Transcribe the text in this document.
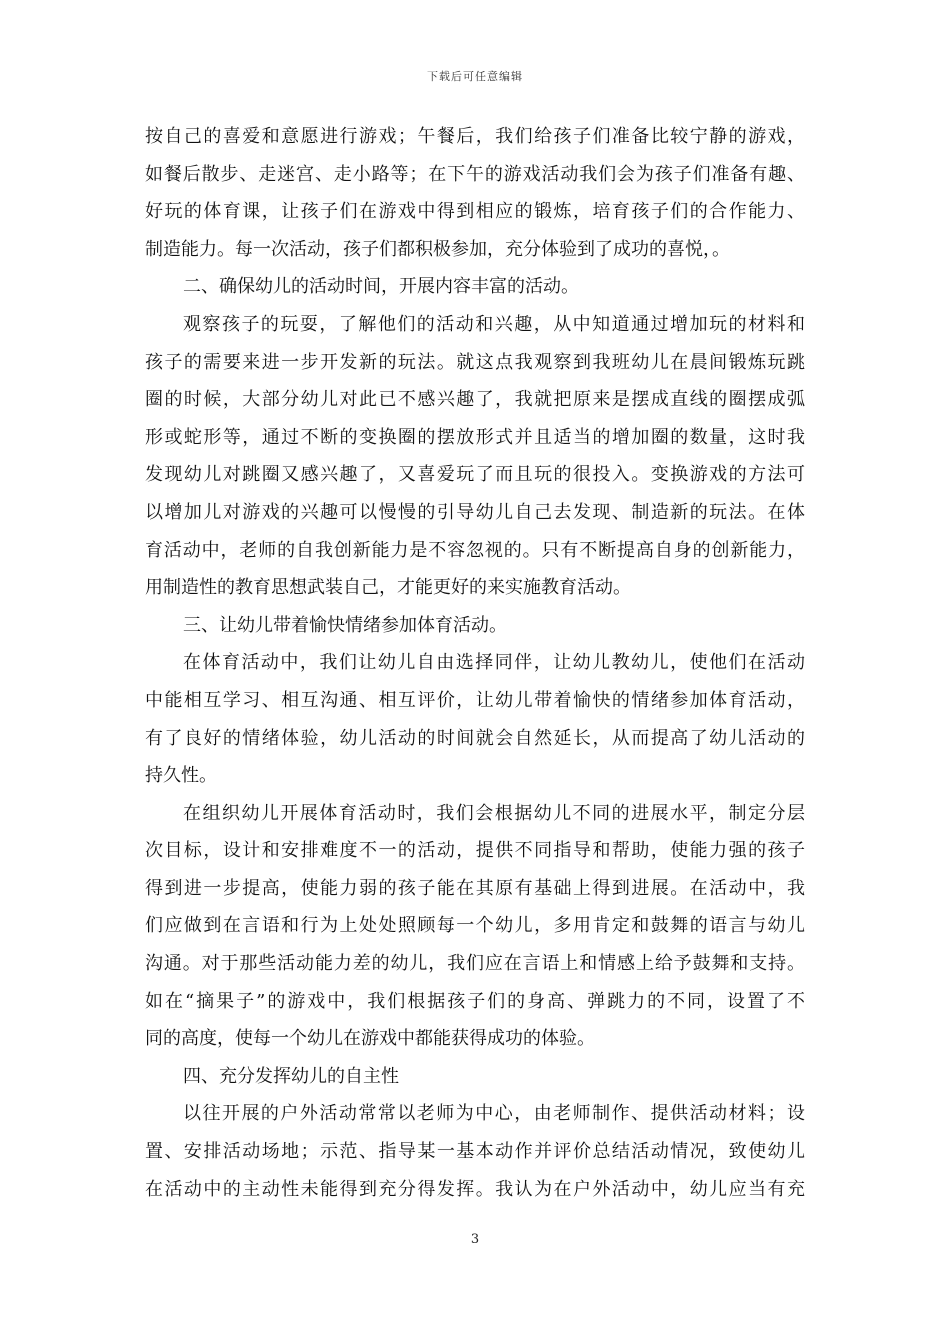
下载后可任意编辑
按自己的喜爱和意愿进行游戏；午餐后，我们给孩子们准备比较宁静的游戏，
如餐后散步、走迷宫、走小路等；在下午的游戏活动我们会为孩子们准备有趣、
好玩的体育课，让孩子们在游戏中得到相应的锻炼，培育孩子们的合作能力、
制造能力。每一次活动，孩子们都积极参加，充分体验到了成功的喜悦，。
二、确保幼儿的活动时间，开展内容丰富的活动。
观察孩子的玩耍，了解他们的活动和兴趣，从中知道通过增加玩的材料和
孩子的需要来进一步开发新的玩法。就这点我观察到我班幼儿在晨间锻炼玩跳
圈的时候，大部分幼儿对此已不感兴趣了，我就把原来是摆成直线的圈摆成弧
形或蛇形等，通过不断的变换圈的摆放形式并且适当的增加圈的数量，这时我
发现幼儿对跳圈又感兴趣了，又喜爱玩了而且玩的很投入。变换游戏的方法可
以增加儿对游戏的兴趣可以慢慢的引导幼儿自己去发现、制造新的玩法。在体
育活动中，老师的自我创新能力是不容忽视的。只有不断提高自身的创新能力，
用制造性的教育思想武装自己，才能更好的来实施教育活动。
三、让幼儿带着愉快情绪参加体育活动。
在体育活动中，我们让幼儿自由选择同伴，让幼儿教幼儿，使他们在活动
中能相互学习、相互沟通、相互评价，让幼儿带着愉快的情绪参加体育活动，
有了良好的情绪体验，幼儿活动的时间就会自然延长，从而提高了幼儿活动的
持久性。
在组织幼儿开展体育活动时，我们会根据幼儿不同的进展水平，制定分层
次目标，设计和安排难度不一的活动，提供不同指导和帮助，使能力强的孩子
得到进一步提高，使能力弱的孩子能在其原有基础上得到进展。在活动中，我
们应做到在言语和行为上处处照顾每一个幼儿，多用肯定和鼓舞的语言与幼儿
沟通。对于那些活动能力差的幼儿，我们应在言语上和情感上给予鼓舞和支持。
如在“摘果子”的游戏中，我们根据孩子们的身高、弹跳力的不同，设置了不
同的高度，使每一个幼儿在游戏中都能获得成功的体验。
四、充分发挥幼儿的自主性
以往开展的户外活动常常以老师为中心，由老师制作、提供活动材料；设
置、安排活动场地；示范、指导某一基本动作并评价总结活动情况，致使幼儿
在活动中的主动性未能得到充分得发挥。我认为在户外活动中，幼儿应当有充
3
